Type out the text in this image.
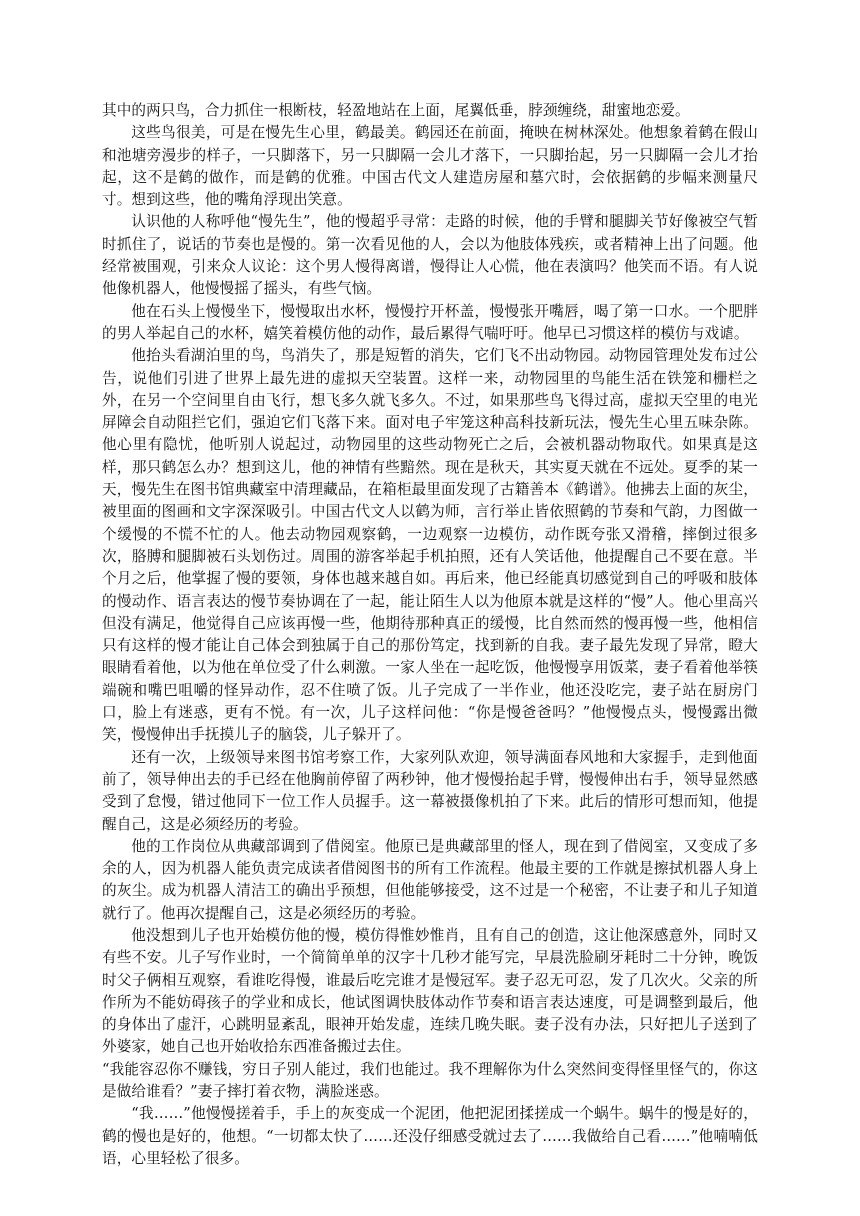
其中的两只鸟，合力抓住一根断枝，轻盈地站在上面，尾翼低垂，脖颈缠绕，甜蜜地恋爱。

这些鸟很美，可是在慢先生心里，鹤最美。鹤园还在前面，掩映在树林深处。他想象着鹤在假山和池塘旁漫步的样子，一只脚落下，另一只脚隔一会儿才落下，一只脚抬起，另一只脚隔一会儿才抬起，这不是鹤的做作，而是鹤的优雅。中国古代文人建造房屋和墓穴时，会依据鹤的步幅来测量尺寸。想到这些，他的嘴角浮现出笑意。

认识他的人称呼他“慢先生”，他的慢超乎寻常：走路的时候，他的手臂和腿脚关节好像被空气暂时抓住了，说话的节奏也是慢的。第一次看见他的人，会以为他肢体残疾，或者精神上出了问题。他经常被围观，引来众人议论：这个男人慢得离谱，慢得让人心慌，他在表演吗？他笑而不语。有人说他像机器人，他慢慢摇了摇头，有些气恼。

他在石头上慢慢坐下，慢慢取出水杯，慢慢拧开杯盖，慢慢张开嘴唇，喝了第一口水。一个肥胖的男人举起自己的水杯，嬉笑着模仿他的动作，最后累得气喘吁吁。他早已习惯这样的模仿与戏谑。

他抬头看湖泊里的鸟，鸟消失了，那是短暂的消失，它们飞不出动物园。动物园管理处发布过公告，说他们引进了世界上最先进的虚拟天空装置。这样一来，动物园里的鸟能生活在铁笼和栅栏之外，在另一个空间里自由飞行，想飞多久就飞多久。不过，如果那些鸟飞得过高，虚拟天空里的电光屏障会自动阻拦它们，强迫它们飞落下来。面对电子牢笼这种高科技新玩法，慢先生心里五味杂陈。他心里有隐忧，他听别人说起过，动物园里的这些动物死亡之后，会被机器动物取代。如果真是这样，那只鹤怎么办？想到这儿，他的神情有些黯然。现在是秋天，其实夏天就在不远处。夏季的某一天，慢先生在图书馆典藏室中清理藏品，在箱柜最里面发现了古籍善本《鹤谱》。他拂去上面的灰尘，被里面的图画和文字深深吸引。中国古代文人以鹤为师，言行举止皆依照鹤的节奏和气韵，力图做一个缓慢的不慌不忙的人。他去动物园观察鹤，一边观察一边模仿，动作既夸张又滑稽，摔倒过很多次，胳膊和腿脚被石头划伤过。周围的游客举起手机拍照，还有人笑话他，他提醒自己不要在意。半个月之后，他掌握了慢的要领，身体也越来越自如。再后来，他已经能真切感觉到自己的呼吸和肢体的慢动作、语言表达的慢节奏协调在了一起，能让陌生人以为他原本就是这样的“慢”人。他心里高兴但没有满足，他觉得自己应该再慢一些，他期待那种真正的缓慢，比自然而然的慢再慢一些，他相信只有这样的慢才能让自己体会到独属于自己的那份笃定，找到新的自我。妻子最先发现了异常，瞪大眼睛看着他，以为他在单位受了什么刺激。一家人坐在一起吃饭，他慢慢享用饭菜，妻子看着他举筷端碗和嘴巴咀嚼的怪异动作，忍不住喷了饭。儿子完成了一半作业，他还没吃完，妻子站在厨房门口，脸上有迷惑，更有不悦。有一次，儿子这样问他：“你是慢爸爸吗？”他慢慢点头，慢慢露出微笑，慢慢伸出手抚摸儿子的脑袋，儿子躲开了。

还有一次，上级领导来图书馆考察工作，大家列队欢迎，领导满面春风地和大家握手，走到他面前了，领导伸出去的手已经在他胸前停留了两秒钟，他才慢慢抬起手臂，慢慢伸出右手，领导显然感受到了怠慢，错过他同下一位工作人员握手。这一幕被摄像机拍了下来。此后的情形可想而知，他提醒自己，这是必须经历的考验。

他的工作岗位从典藏部调到了借阅室。他原已是典藏部里的怪人，现在到了借阅室，又变成了多余的人，因为机器人能负责完成读者借阅图书的所有工作流程。他最主要的工作就是擦拭机器人身上的灰尘。成为机器人清洁工的确出乎预想，但他能够接受，这不过是一个秘密，不让妻子和儿子知道就行了。他再次提醒自己，这是必须经历的考验。

他没想到儿子也开始模仿他的慢，模仿得惟妙惟肖，且有自己的创造，这让他深感意外，同时又有些不安。儿子写作业时，一个简简单单的汉字十几秒才能写完，早晨洗脸刷牙耗时二十分钟，晚饭时父子俩相互观察，看谁吃得慢，谁最后吃完谁才是慢冠军。妻子忍无可忍，发了几次火。父亲的所作所为不能妨碍孩子的学业和成长，他试图调快肢体动作节奏和语言表达速度，可是调整到最后，他的身体出了虚汗，心跳明显紊乱，眼神开始发虚，连续几晚失眠。妻子没有办法，只好把儿子送到了外婆家，她自己也开始收拾东西准备搬过去住。

“我能容忍你不赚钱，穷日子别人能过，我们也能过。我不理解你为什么突然间变得怪里怪气的，你这是做给谁看？”妻子摔打着衣物，满脸迷惑。

“我……”他慢慢搓着手，手上的灰变成一个泥团，他把泥团揉搓成一个蜗牛。蜗牛的慢是好的，鹤的慢也是好的，他想。“一切都太快了……还没仔细感受就过去了……我做给自己看……”他喃喃低语，心里轻松了很多。
